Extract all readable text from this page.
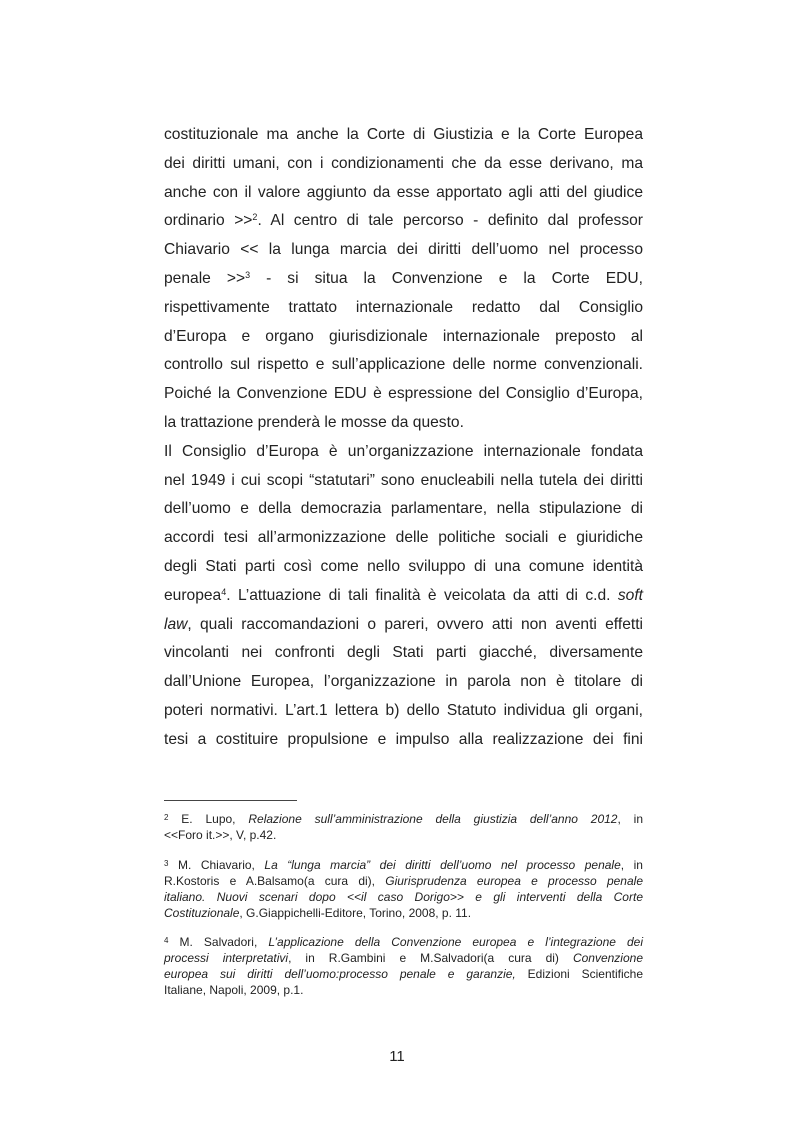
costituzionale ma anche la Corte di Giustizia e la Corte Europea
dei diritti umani, con i condizionamenti che da esse derivano, ma
anche con il valore aggiunto da esse apportato agli atti del giudice
ordinario >>$^2$. Al centro di tale percorso - definito dal professor
Chiavario << la lunga marcia dei diritti dell’uomo nel processo
penale >>$^3$ - si situa la Convenzione e la Corte EDU,
rispettivamente trattato internazionale redatto dal Consiglio
d’Europa e organo giurisdizionale internazionale preposto al
controllo sul rispetto e sull’applicazione delle norme convenzionali.
Poiché la Convenzione EDU è espressione del Consiglio d’Europa,
la trattazione prenderà le mosse da questo.
Il Consiglio d’Europa è un’organizzazione internazionale fondata
nel 1949 i cui scopi “statutari” sono enucleabili nella tutela dei diritti
dell’uomo e della democrazia parlamentare, nella stipulazione di
accordi tesi all’armonizzazione delle politiche sociali e giuridiche
degli Stati parti così come nello sviluppo di una comune identità
europea$^4$. L’attuazione di tali finalità è veicolata da atti di c.d. soft
law, quali raccomandazioni o pareri, ovvero atti non aventi effetti
vincolanti nei confronti degli Stati parti giacché, diversamente
dall’Unione Europea, l’organizzazione in parola non è titolare di
poteri normativi. L’art.1 lettera b) dello Statuto individua gli organi,
tesi a costituire propulsione e impulso alla realizzazione dei fini
$^2$ E. Lupo, Relazione sull’amministrazione della giustizia dell’anno 2012, in
<<Foro it.>>, V, p.42.
$^3$ M. Chiavario, La “lunga marcia” dei diritti dell’uomo nel processo penale, in
R.Kostoris e A.Balsamo(a cura di), Giurisprudenza europea e processo penale
italiano. Nuovi scenari dopo <<il caso Dorigo>> e gli interventi della Corte
Costituzionale, G.Giappichelli-Editore, Torino, 2008, p. 11.
$^4$ M. Salvadori, L’applicazione della Convenzione europea e l’integrazione dei
processi interpretativi, in R.Gambini e M.Salvadori(a cura di) Convenzione
europea sui diritti dell’uomo:processo penale e garanzie, Edizioni Scientifiche
Italiane, Napoli, 2009, p.1.
11
